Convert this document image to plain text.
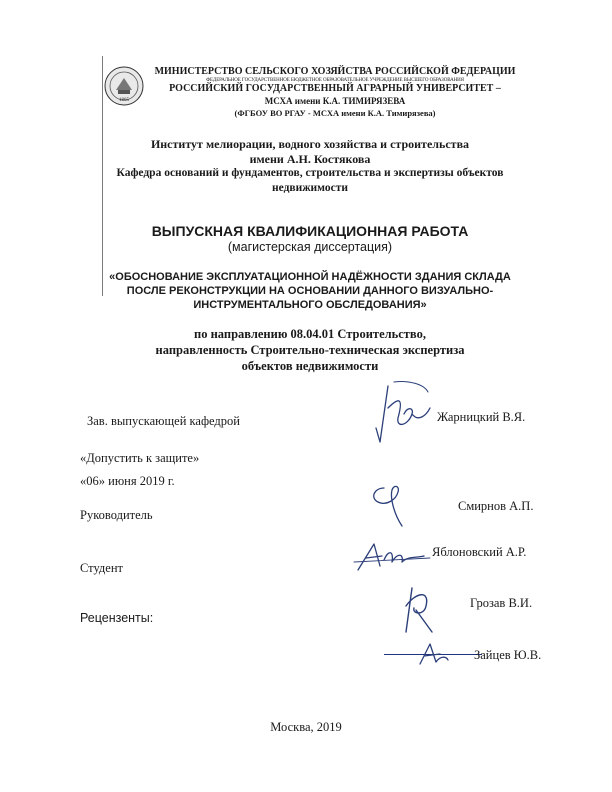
1865
МИНИСТЕРСТВО СЕЛЬСКОГО ХОЗЯЙСТВА РОССИЙСКОЙ ФЕДЕРАЦИИ
ФЕДЕРАЛЬНОЕ ГОСУДАРСТВЕННОЕ БЮДЖЕТНОЕ ОБРАЗОВАТЕЛЬНОЕ УЧРЕЖДЕНИЕ ВЫСШЕГО ОБРАЗОВАНИЯ
РОССИЙСКИЙ ГОСУДАРСТВЕННЫЙ АГРАРНЫЙ УНИВЕРСИТЕТ –
МСХА имени К.А. ТИМИРЯЗЕВА
(ФГБОУ ВО РГАУ - МСХА имени К.А. Тимирязева)
Институт мелиорации, водного хозяйства и строительства
имени А.Н. Костякова
Кафедра оснований и фундаментов, строительства и экспертизы объектов
недвижимости
ВЫПУСКНАЯ КВАЛИФИКАЦИОННАЯ РАБОТА
(магистерская диссертация)
«ОБОСНОВАНИЕ ЭКСПЛУАТАЦИОННОЙ НАДЁЖНОСТИ ЗДАНИЯ СКЛАДА
ПОСЛЕ РЕКОНСТРУКЦИИ НА ОСНОВАНИИ ДАННОГО ВИЗУАЛЬНО-
ИНСТРУМЕНТАЛЬНОГО ОБСЛЕДОВАНИЯ»
по направлению 08.04.01 Строительство,
направленность Строительно-техническая экспертиза
объектов недвижимости
Зав. выпускающей кафедрой	Жарницкий В.Я.
«Допустить к защите»
«06» июня 2019 г.
Руководитель
Смирнов А.П.
Студент
Яблоновский А.Р.
Рецензенты:
Грозав В.И.
Зайцев Ю.В.
Москва, 2019
